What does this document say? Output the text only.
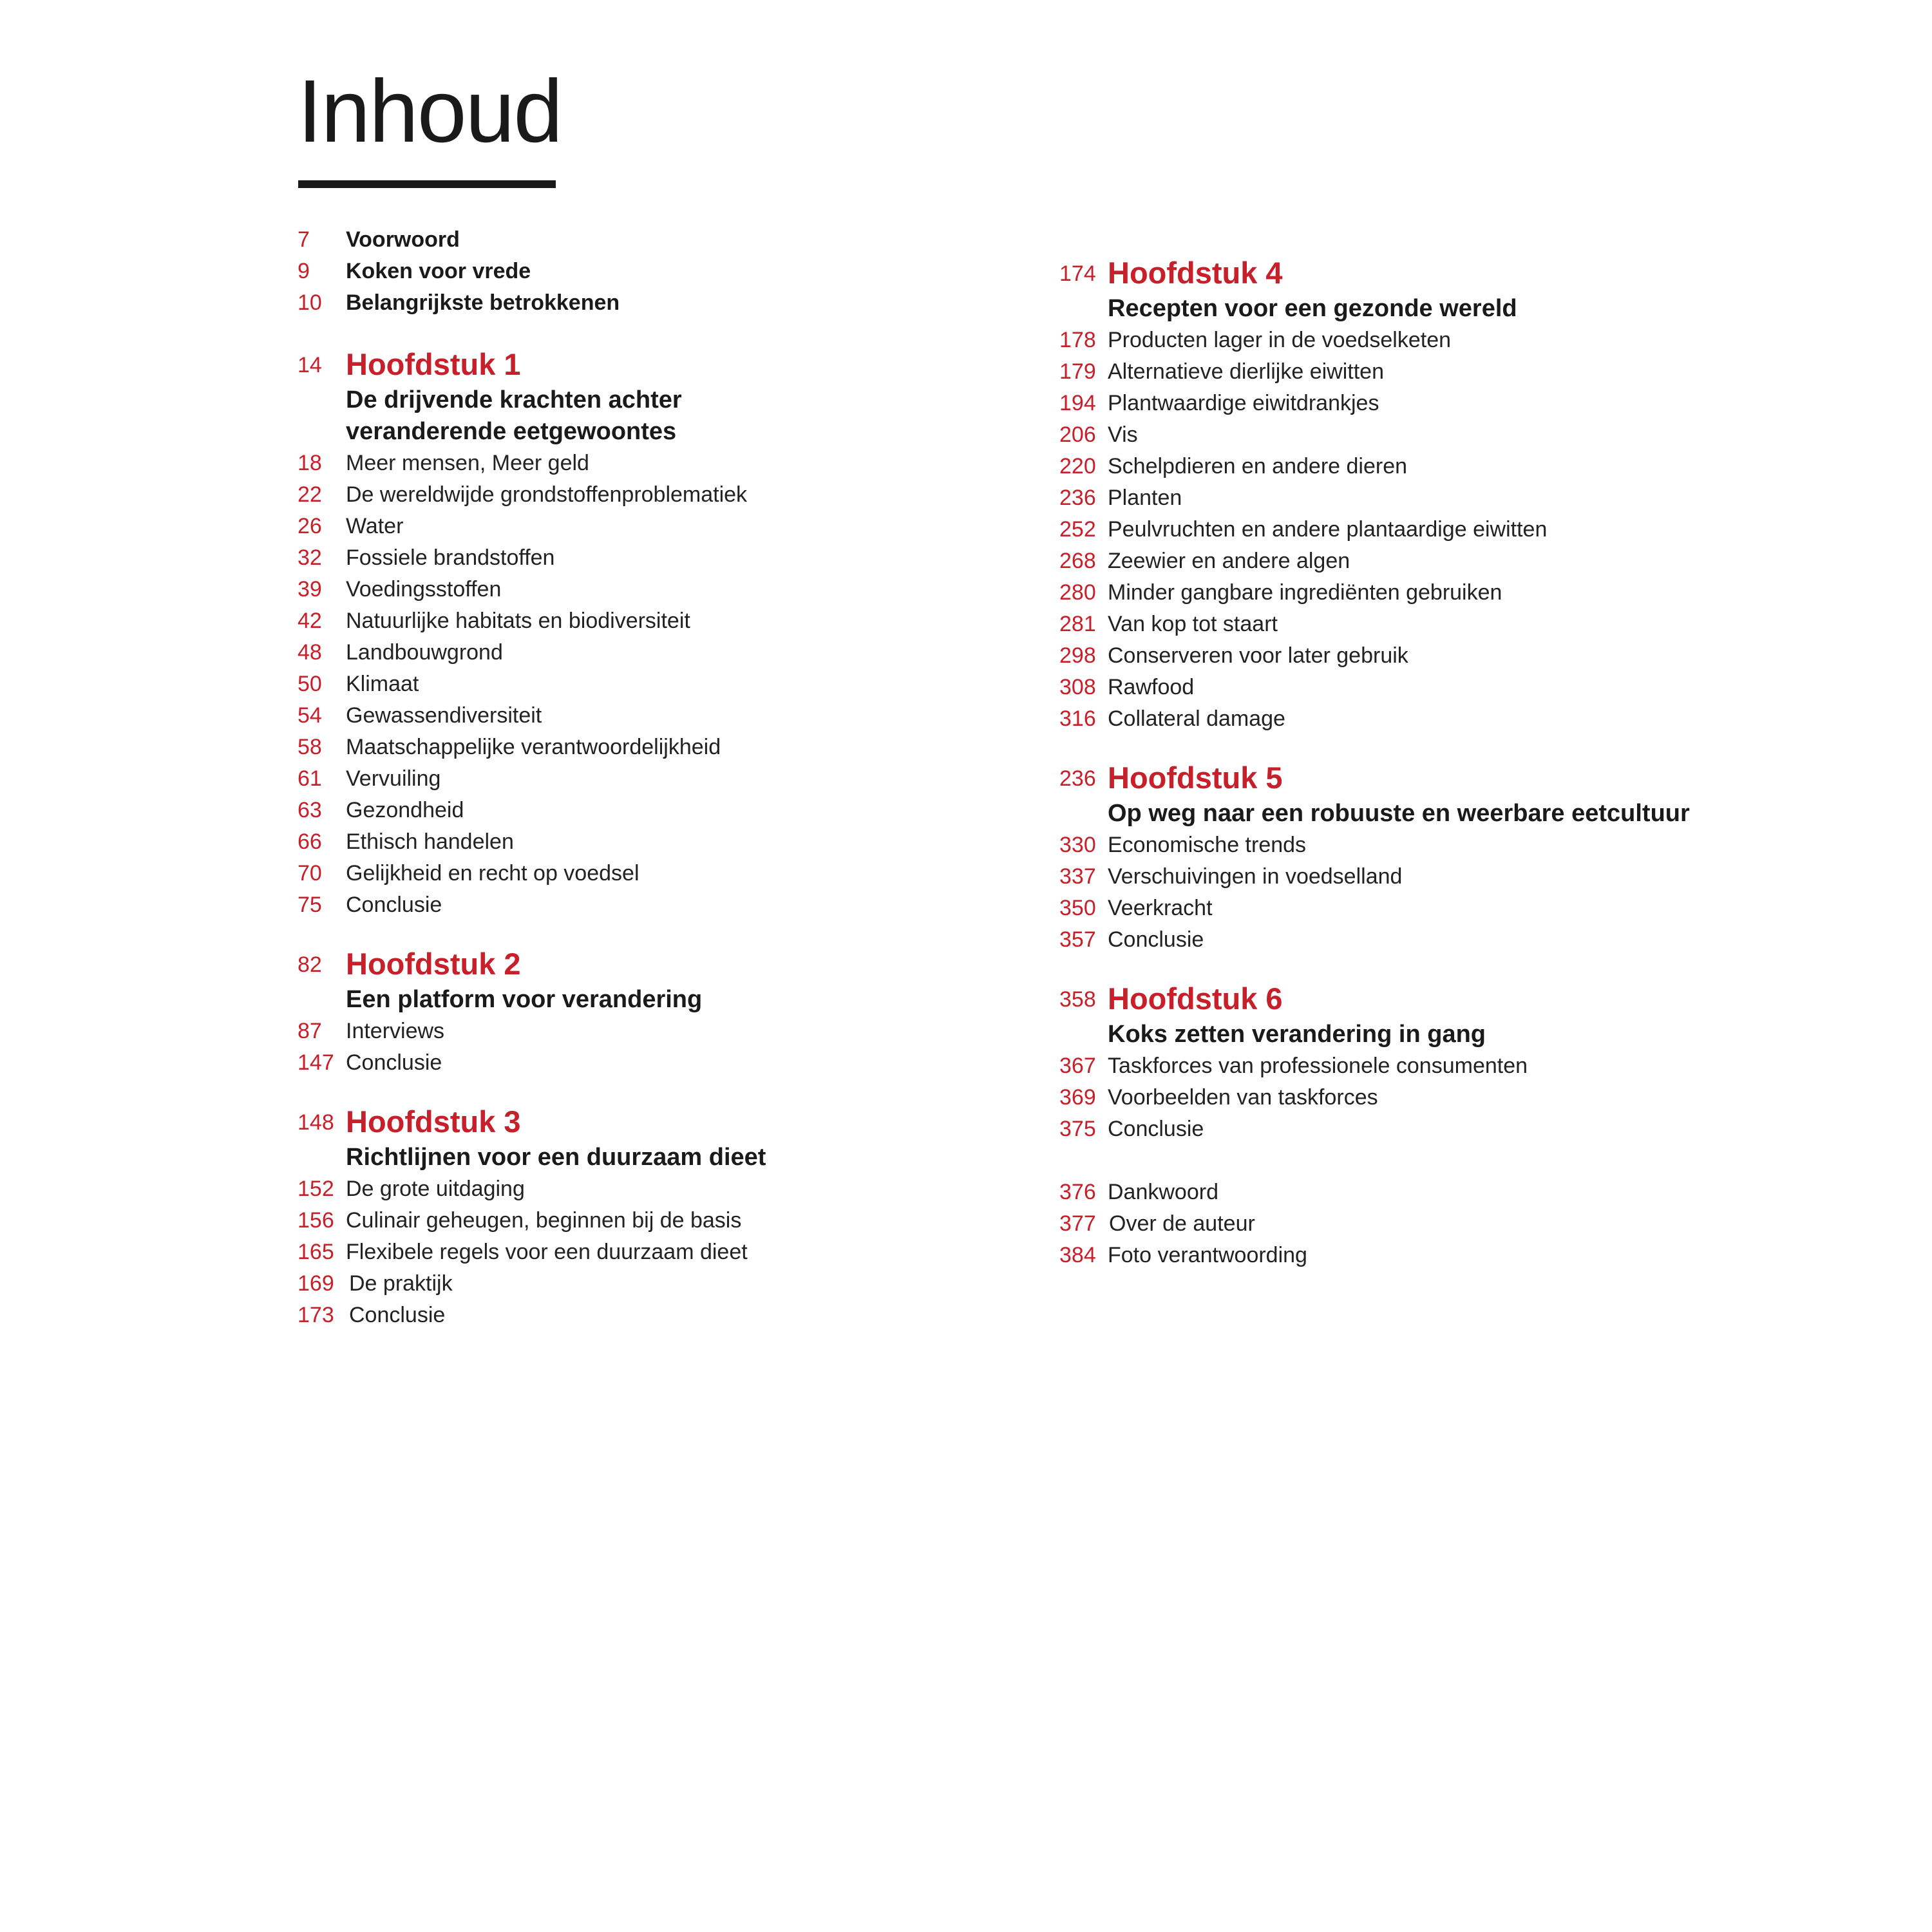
Inhoud
7 Voorwoord
9 Koken voor vrede
10 Belangrijkste betrokkenen
14 Hoofdstuk 1
De drijvende krachten achter
veranderende eetgewoontes
18 Meer mensen, Meer geld
22 De wereldwijde grondstoffenproblematiek
26 Water
32 Fossiele brandstoffen
39 Voedingsstoffen
42 Natuurlijke habitats en biodiversiteit
48 Landbouwgrond
50 Klimaat
54 Gewassendiversiteit
58 Maatschappelijke verantwoordelijkheid
61 Vervuiling
63 Gezondheid
66 Ethisch handelen
70 Gelijkheid en recht op voedsel
75 Conclusie
82 Hoofdstuk 2
Een platform voor verandering
87 Interviews
147 Conclusie
148 Hoofdstuk 3
Richtlijnen voor een duurzaam dieet
152 De grote uitdaging
156 Culinair geheugen, beginnen bij de basis
165 Flexibele regels voor een duurzaam dieet
169 De praktijk
173 Conclusie
174 Hoofdstuk 4
Recepten voor een gezonde wereld
178 Producten lager in de voedselketen
179 Alternatieve dierlijke eiwitten
194 Plantwaardige eiwitdrankjes
206 Vis
220 Schelpdieren en andere dieren
236 Planten
252 Peulvruchten en andere plantaardige eiwitten
268 Zeewier en andere algen
280 Minder gangbare ingrediënten gebruiken
281 Van kop tot staart
298 Conserveren voor later gebruik
308 Rawfood
316 Collateral damage
236 Hoofdstuk 5
Op weg naar een robuuste en weerbare eetcultuur
330 Economische trends
337 Verschuivingen in voedselland
350 Veerkracht
357 Conclusie
358 Hoofdstuk 6
Koks zetten verandering in gang
367 Taskforces van professionele consumenten
369 Voorbeelden van taskforces
375 Conclusie
376 Dankwoord
377 Over de auteur
384 Foto verantwoording
